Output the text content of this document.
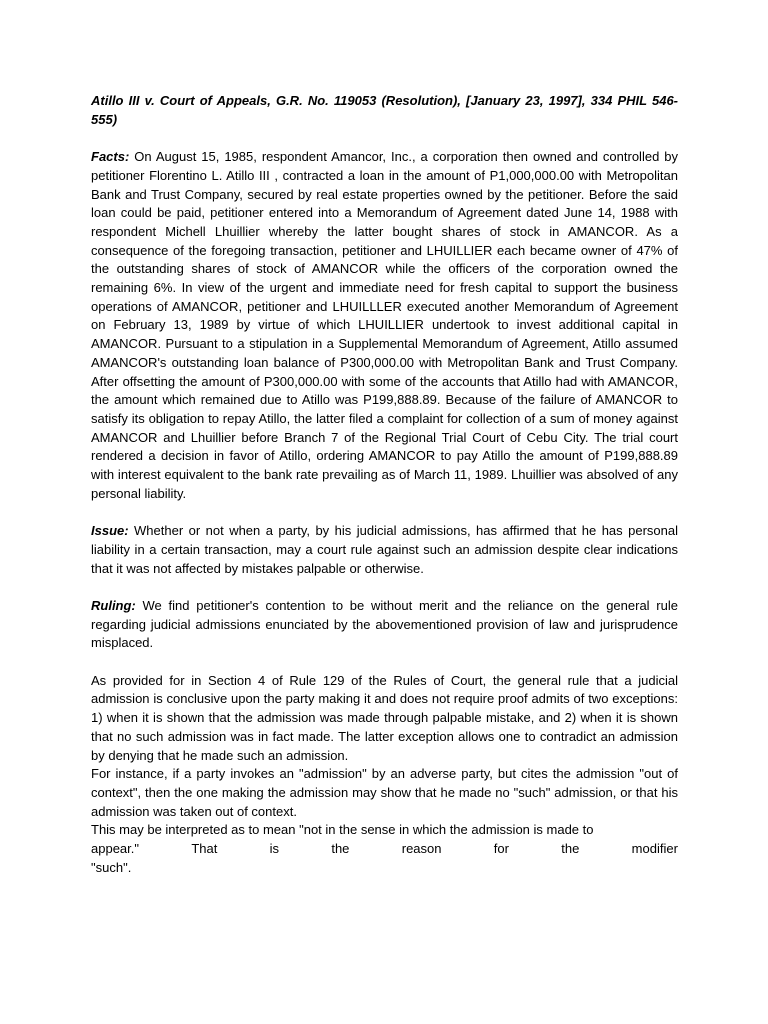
Atillo III v. Court of Appeals, G.R. No. 119053 (Resolution), [January 23, 1997], 334 PHIL 546-555)

Facts: On August 15, 1985, respondent Amancor, Inc., a corporation then owned and controlled by petitioner Florentino L. Atillo III , contracted a loan in the amount of P1,000,000.00 with Metropolitan Bank and Trust Company, secured by real estate properties owned by the petitioner. Before the said loan could be paid, petitioner entered into a Memorandum of Agreement dated June 14, 1988 with respondent Michell Lhuillier whereby the latter bought shares of stock in AMANCOR. As a consequence of the foregoing transaction, petitioner and LHUILLIER each became owner of 47% of the outstanding shares of stock of AMANCOR while the officers of the corporation owned the remaining 6%. In view of the urgent and immediate need for fresh capital to support the business operations of AMANCOR, petitioner and LHUILLLER executed another Memorandum of Agreement on February 13, 1989 by virtue of which LHUILLIER undertook to invest additional capital in AMANCOR. Pursuant to a stipulation in a Supplemental Memorandum of Agreement, Atillo assumed AMANCOR's outstanding loan balance of P300,000.00 with Metropolitan Bank and Trust Company. After offsetting the amount of P300,000.00 with some of the accounts that Atillo had with AMANCOR, the amount which remained due to Atillo was P199,888.89. Because of the failure of AMANCOR to satisfy its obligation to repay Atillo, the latter filed a complaint for collection of a sum of money against AMANCOR and Lhuillier before Branch 7 of the Regional Trial Court of Cebu City. The trial court rendered a decision in favor of Atillo, ordering AMANCOR to pay Atillo the amount of P199,888.89 with interest equivalent to the bank rate prevailing as of March 11, 1989. Lhuillier was absolved of any personal liability.

Issue: Whether or not when a party, by his judicial admissions, has affirmed that he has personal liability in a certain transaction, may a court rule against such an admission despite clear indications that it was not affected by mistakes palpable or otherwise.

Ruling: We find petitioner's contention to be without merit and the reliance on the general rule regarding judicial admissions enunciated by the abovementioned provision of law and jurisprudence misplaced.

As provided for in Section 4 of Rule 129 of the Rules of Court, the general rule that a judicial admission is conclusive upon the party making it and does not require proof admits of two exceptions: 1) when it is shown that the admission was made through palpable mistake, and 2) when it is shown that no such admission was in fact made. The latter exception allows one to contradict an admission by denying that he made such an admission.

For instance, if a party invokes an "admission" by an adverse party, but cites the admission "out of context", then the one making the admission may show that he made no "such" admission, or that his admission was taken out of context.

This may be interpreted as to mean "not in the sense in which the admission is made to

appear."	That	is	the	reason	for	the	modifier
"such".
